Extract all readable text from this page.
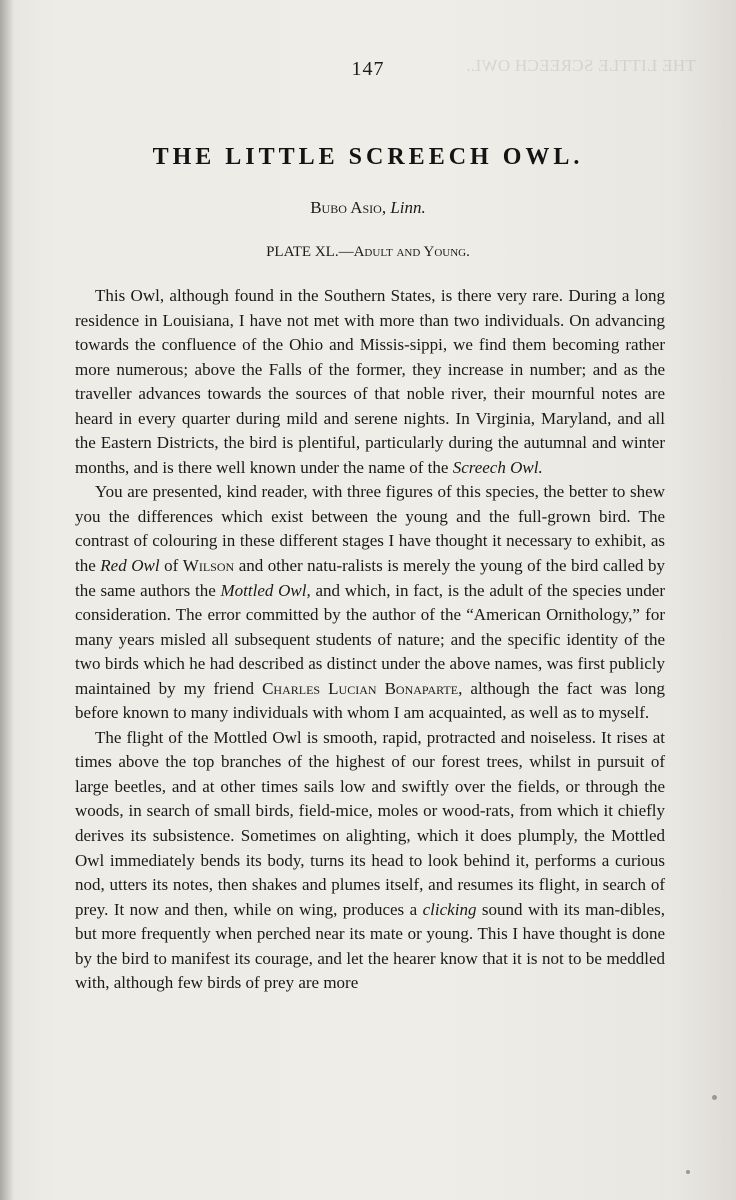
THE LITTLE SCREECH OWL.
147
THE LITTLE SCREECH OWL.
Bubo Asio, Linn.
PLATE XL.—Adult and Young.

This Owl, although found in the Southern States, is there very rare. During a long residence in Louisiana, I have not met with more than two individuals. On advancing towards the confluence of the Ohio and Missis-sippi, we find them becoming rather more numerous; above the Falls of the former, they increase in number; and as the traveller advances towards the sources of that noble river, their mournful notes are heard in every quarter during mild and serene nights. In Virginia, Maryland, and all the Eastern Districts, the bird is plentiful, particularly during the autumnal and winter months, and is there well known under the name of the Screech Owl.

You are presented, kind reader, with three figures of this species, the better to shew you the differences which exist between the young and the full-grown bird. The contrast of colouring in these different stages I have thought it necessary to exhibit, as the Red Owl of Wilson and other natu-ralists is merely the young of the bird called by the same authors the Mottled Owl, and which, in fact, is the adult of the species under consideration. The error committed by the author of the “American Ornithology,” for many years misled all subsequent students of nature; and the specific identity of the two birds which he had described as distinct under the above names, was first publicly maintained by my friend Charles Lucian Bonaparte, although the fact was long before known to many individuals with whom I am acquainted, as well as to myself.

The flight of the Mottled Owl is smooth, rapid, protracted and noiseless. It rises at times above the top branches of the highest of our forest trees, whilst in pursuit of large beetles, and at other times sails low and swiftly over the fields, or through the woods, in search of small birds, field-mice, moles or wood-rats, from which it chiefly derives its subsistence. Sometimes on alighting, which it does plumply, the Mottled Owl immediately bends its body, turns its head to look behind it, performs a curious nod, utters its notes, then shakes and plumes itself, and resumes its flight, in search of prey. It now and then, while on wing, produces a clicking sound with its man-dibles, but more frequently when perched near its mate or young. This I have thought is done by the bird to manifest its courage, and let the hearer know that it is not to be meddled with, although few birds of prey are more
